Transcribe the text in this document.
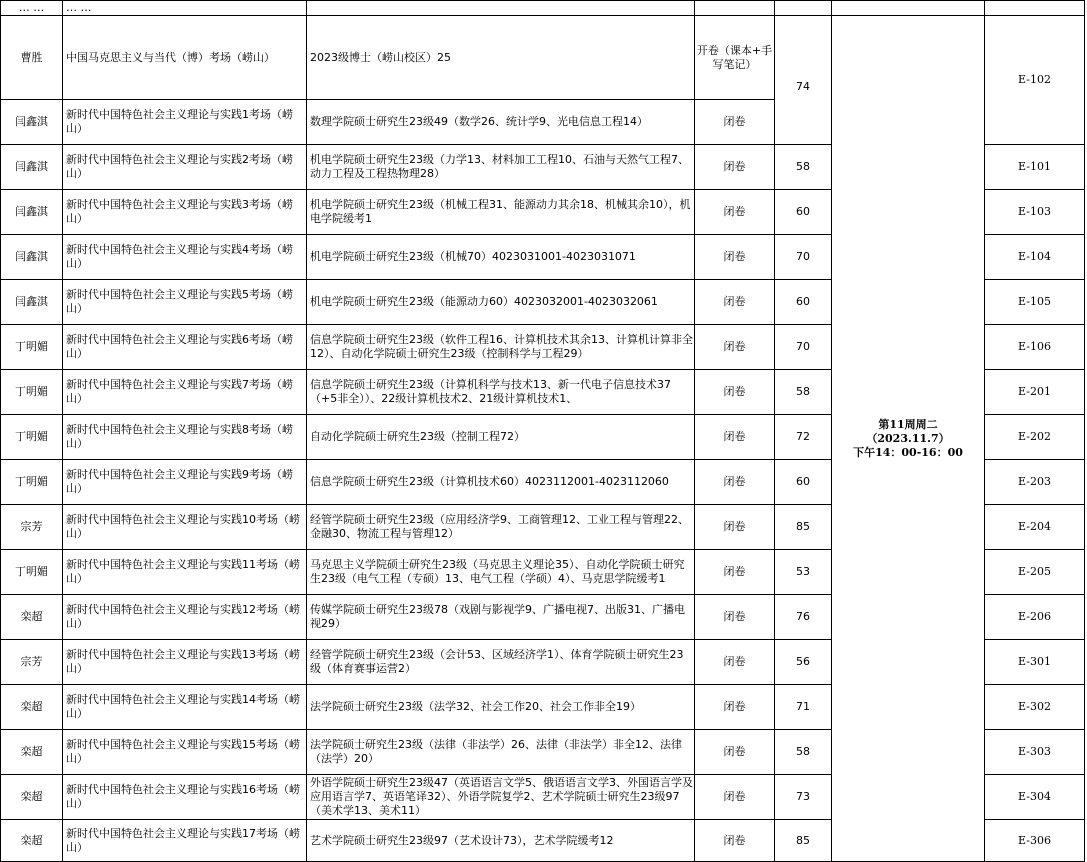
… …	… …					
曹胜	中国马克思主义与当代（博）考场（崂山）	2023级博士（崂山校区）25	开卷（课本+手写笔记）	74	第11周周二
（2023.11.7）
下午14：00-16：00	E-102
闫鑫淇	新时代中国特色社会主义理论与实践1考场（崂山）	数理学院硕士研究生23级49（数学26、统计学9、光电信息工程14）	闭卷			
闫鑫淇	新时代中国特色社会主义理论与实践2考场（崂山）	机电学院硕士研究生23级（力学13、材料加工工程10、石油与天然气工程7、动力工程及工程热物理28）	闭卷	58		E-101
闫鑫淇	新时代中国特色社会主义理论与实践3考场（崂山）	机电学院硕士研究生23级（机械工程31、能源动力其余18、机械其余10），机电学院缓考1	闭卷	60		E-103
闫鑫淇	新时代中国特色社会主义理论与实践4考场（崂山）	机电学院硕士研究生23级（机械70）4023031001-4023031071	闭卷	70		E-104
闫鑫淇	新时代中国特色社会主义理论与实践5考场（崂山）	机电学院硕士研究生23级（能源动力60）4023032001-4023032061	闭卷	60		E-105
丁明媚	新时代中国特色社会主义理论与实践6考场（崂山）	信息学院硕士研究生23级（软件工程16、计算机技术其余13、计算机计算非全12）、自动化学院硕士研究生23级（控制科学与工程29）	闭卷	70		E-106
丁明媚	新时代中国特色社会主义理论与实践7考场（崂山）	信息学院硕士研究生23级（计算机科学与技术13、新一代电子信息技术37（+5非全））、22级计算机技术2、21级计算机技术1、	闭卷	58		E-201
丁明媚	新时代中国特色社会主义理论与实践8考场（崂山）	自动化学院硕士研究生23级（控制工程72）	闭卷	72		E-202
丁明媚	新时代中国特色社会主义理论与实践9考场（崂山）	信息学院硕士研究生23级（计算机技术60）4023112001-4023112060	闭卷	60		E-203
宗芳	新时代中国特色社会主义理论与实践10考场（崂山）	经管学院硕士研究生23级（应用经济学9、工商管理12、工业工程与管理22、金融30、物流工程与管理12）	闭卷	85		E-204
丁明媚	新时代中国特色社会主义理论与实践11考场（崂山）	马克思主义学院硕士研究生23级（马克思主义理论35）、自动化学院硕士研究生23级（电气工程（专硕）13、电气工程（学硕）4）、马克思学院缓考1	闭卷	53		E-205
栾超	新时代中国特色社会主义理论与实践12考场（崂山）	传媒学院硕士研究生23级78（戏剧与影视学9、广播电视7、出版31、广播电视29）	闭卷	76		E-206
宗芳	新时代中国特色社会主义理论与实践13考场（崂山）	经管学院硕士研究生23级（会计53、区域经济学1）、体育学院硕士研究生23级（体育赛事运营2）	闭卷	56		E-301
栾超	新时代中国特色社会主义理论与实践14考场（崂山）	法学院硕士研究生23级（法学32、社会工作20、社会工作非全19）	闭卷	71		E-302
栾超	新时代中国特色社会主义理论与实践15考场（崂山）	法学院硕士研究生23级（法律（非法学）26、法律（非法学）非全12、法律（法学）20）	闭卷	58		E-303
栾超	新时代中国特色社会主义理论与实践16考场（崂山）	外语学院硕士研究生23级47（英语语言文学5、俄语语言文学3、外国语言学及应用语言学7、英语笔译32）、外语学院复学2、艺术学院硕士研究生23级97（美术学13、美术11）	闭卷	73		E-304
栾超	新时代中国特色社会主义理论与实践17考场（崂山）	艺术学院硕士研究生23级97（艺术设计73），艺术学院缓考12	闭卷	85		E-306
